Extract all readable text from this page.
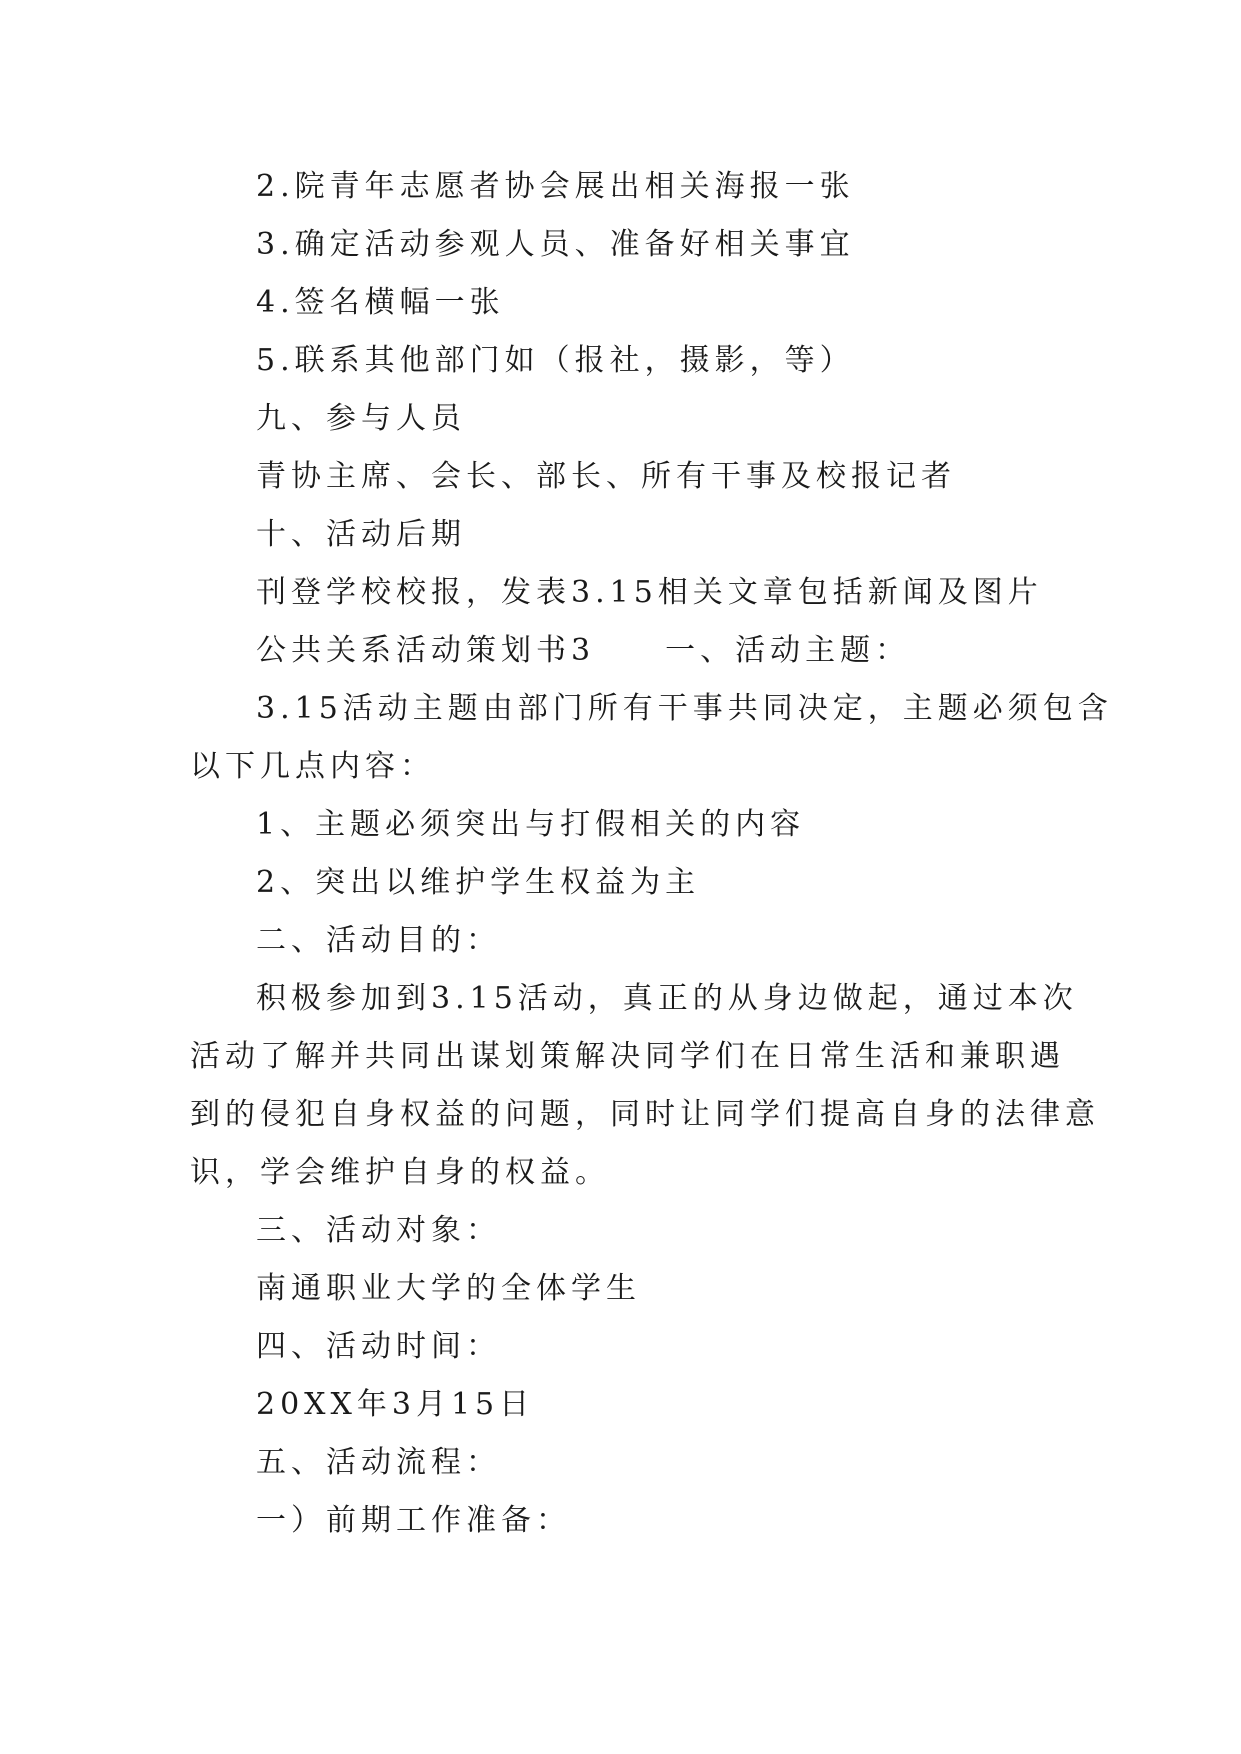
2.院青年志愿者协会展出相关海报一张
3.确定活动参观人员、准备好相关事宜
4.签名横幅一张
5.联系其他部门如（报社，摄影，等）
九、参与人员
青协主席、会长、部长、所有干事及校报记者
十、活动后期
刊登学校校报，发表3.15相关文章包括新闻及图片
公共关系活动策划书3 一、活动主题：
3.15活动主题由部门所有干事共同决定，主题必须包含
以下几点内容：
1、主题必须突出与打假相关的内容
2、突出以维护学生权益为主
二、活动目的：
积极参加到3.15活动，真正的从身边做起，通过本次
活动了解并共同出谋划策解决同学们在日常生活和兼职遇
到的侵犯自身权益的问题，同时让同学们提高自身的法律意
识，学会维护自身的权益。
三、活动对象：
南通职业大学的全体学生
四、活动时间：
20XX年3月15日
五、活动流程：
一）前期工作准备：
